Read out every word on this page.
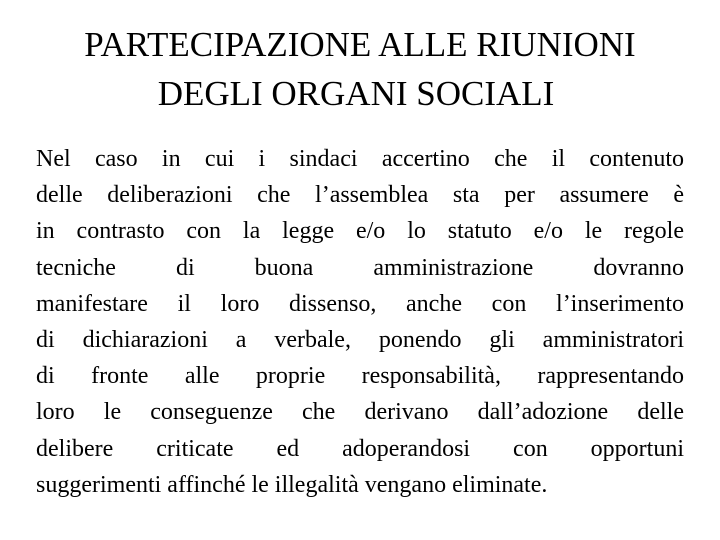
PARTECIPAZIONE ALLE RIUNIONI
DEGLI ORGANI SOCIALI

Nel caso in cui i sindaci accertino che il contenuto
delle deliberazioni che l’assemblea sta per assumere è
in contrasto con la legge e/o lo statuto e/o le regole
tecniche di buona amministrazione dovranno
manifestare il loro dissenso, anche con l’inserimento
di dichiarazioni a verbale, ponendo gli amministratori
di fronte alle proprie responsabilità, rappresentando
loro le conseguenze che derivano dall’adozione delle
delibere criticate ed adoperandosi con opportuni
suggerimenti affinché le illegalità vengano eliminate.
